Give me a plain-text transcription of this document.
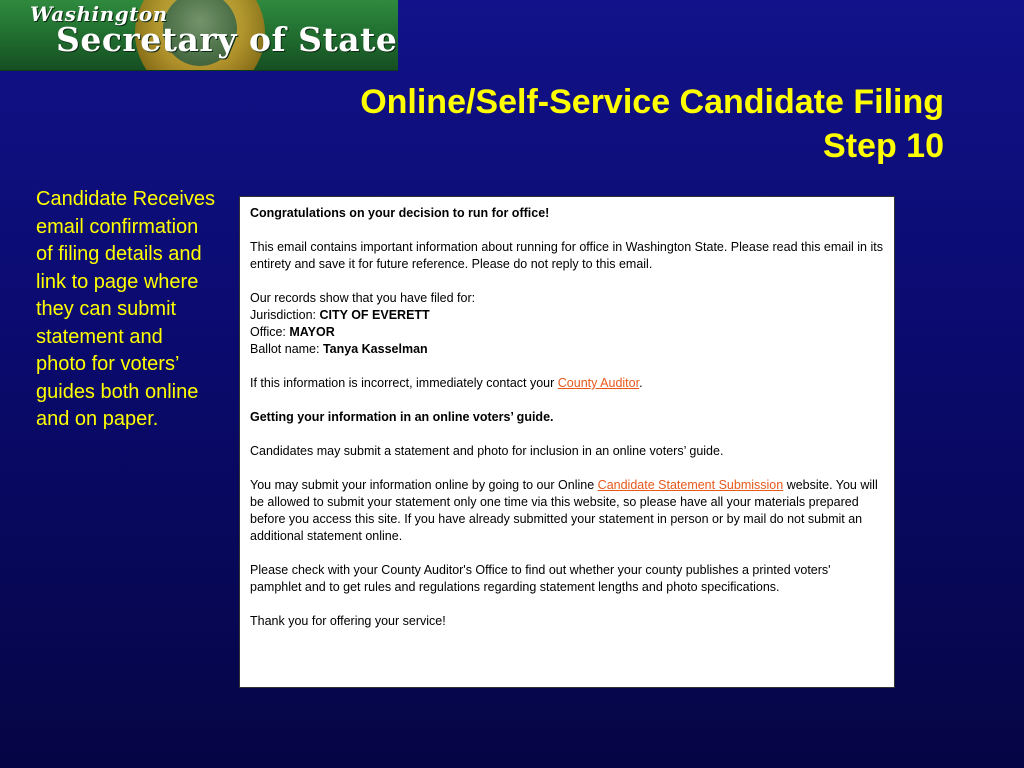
Washington
Secretary of State
Online/Self-Service Candidate Filing
Step 10
Candidate Receives email confirmation of filing details and link to page where they can submit statement and photo for voters’ guides both online and on paper.

Congratulations on your decision to run for office!

This email contains important information about running for office in Washington State. Please read this email in its entirety and save it for future reference. Please do not reply to this email.

Our records show that you have filed for:

Jurisdiction: CITY OF EVERETT

Office: MAYOR

Ballot name: Tanya Kasselman

If this information is incorrect, immediately contact your County Auditor.

Getting your information in an online voters’ guide.

Candidates may submit a statement and photo for inclusion in an online voters’ guide.

You may submit your information online by going to our Online Candidate Statement Submission website. You will be allowed to submit your statement only one time via this website, so please have all your materials prepared before you access this site. If you have already submitted your statement in person or by mail do not submit an additional statement online.

Please check with your County Auditor's Office to find out whether your county publishes a printed voters' pamphlet and to get rules and regulations regarding statement lengths and photo specifications.

Thank you for offering your service!
